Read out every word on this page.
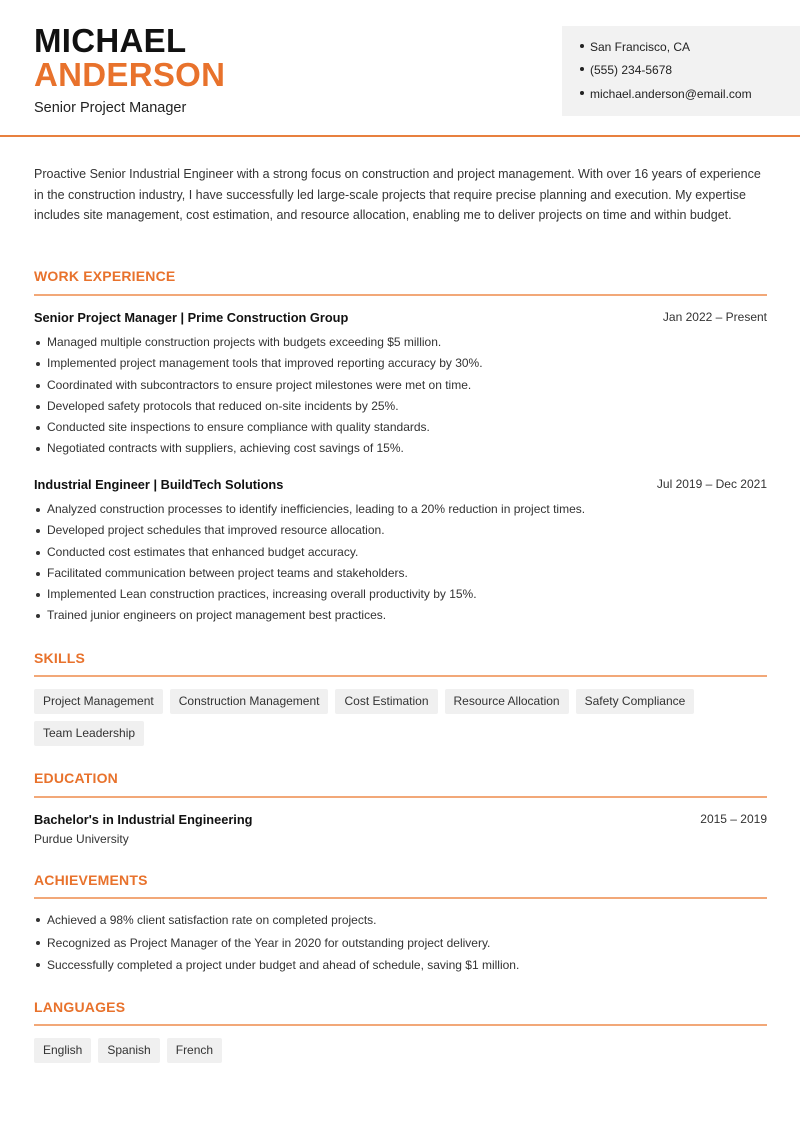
MICHAEL
ANDERSON
Senior Project Manager
San Francisco, CA
(555) 234-5678
michael.anderson@email.com

Proactive Senior Industrial Engineer with a strong focus on construction and project management. With over 16 years of experience in the construction industry, I have successfully led large-scale projects that require precise planning and execution. My expertise includes site management, cost estimation, and resource allocation, enabling me to deliver projects on time and within budget.

WORK EXPERIENCE
Senior Project Manager | Prime Construction Group	Jan 2022 – Present
Managed multiple construction projects with budgets exceeding $5 million.
Implemented project management tools that improved reporting accuracy by 30%.
Coordinated with subcontractors to ensure project milestones were met on time.
Developed safety protocols that reduced on-site incidents by 25%.
Conducted site inspections to ensure compliance with quality standards.
Negotiated contracts with suppliers, achieving cost savings of 15%.
Industrial Engineer | BuildTech Solutions	Jul 2019 – Dec 2021
Analyzed construction processes to identify inefficiencies, leading to a 20% reduction in project times.
Developed project schedules that improved resource allocation.
Conducted cost estimates that enhanced budget accuracy.
Facilitated communication between project teams and stakeholders.
Implemented Lean construction practices, increasing overall productivity by 15%.
Trained junior engineers on project management best practices.
SKILLS
Project Management Construction Management Cost Estimation Resource Allocation Safety ComplianceTeam Leadership
EDUCATION
Bachelor's in Industrial Engineering	2015 – 2019
Purdue University
ACHIEVEMENTS
Achieved a 98% client satisfaction rate on completed projects.
Recognized as Project Manager of the Year in 2020 for outstanding project delivery.
Successfully completed a project under budget and ahead of schedule, saving $1 million.
LANGUAGES
English Spanish French
